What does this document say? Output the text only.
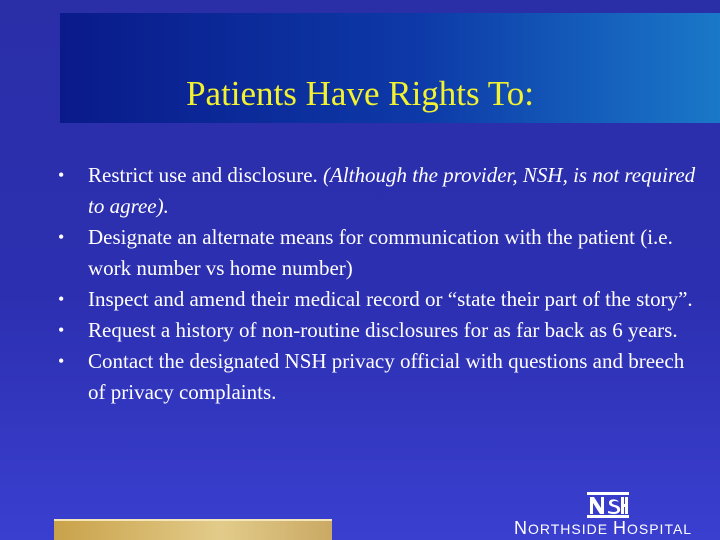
Patients Have Rights To:
• Restrict use and disclosure. (Although the provider, NSH, is not required to agree).
• Designate an alternate means for communication with the patient (i.e. work number vs home number)
• Inspect and amend their medical record or “state their part of the story”.
• Request a history of non-routine disclosures for as far back as 6 years.
• Contact the designated NSH privacy official with questions and breech of privacy complaints.
NORTHSIDE HOSPITAL
